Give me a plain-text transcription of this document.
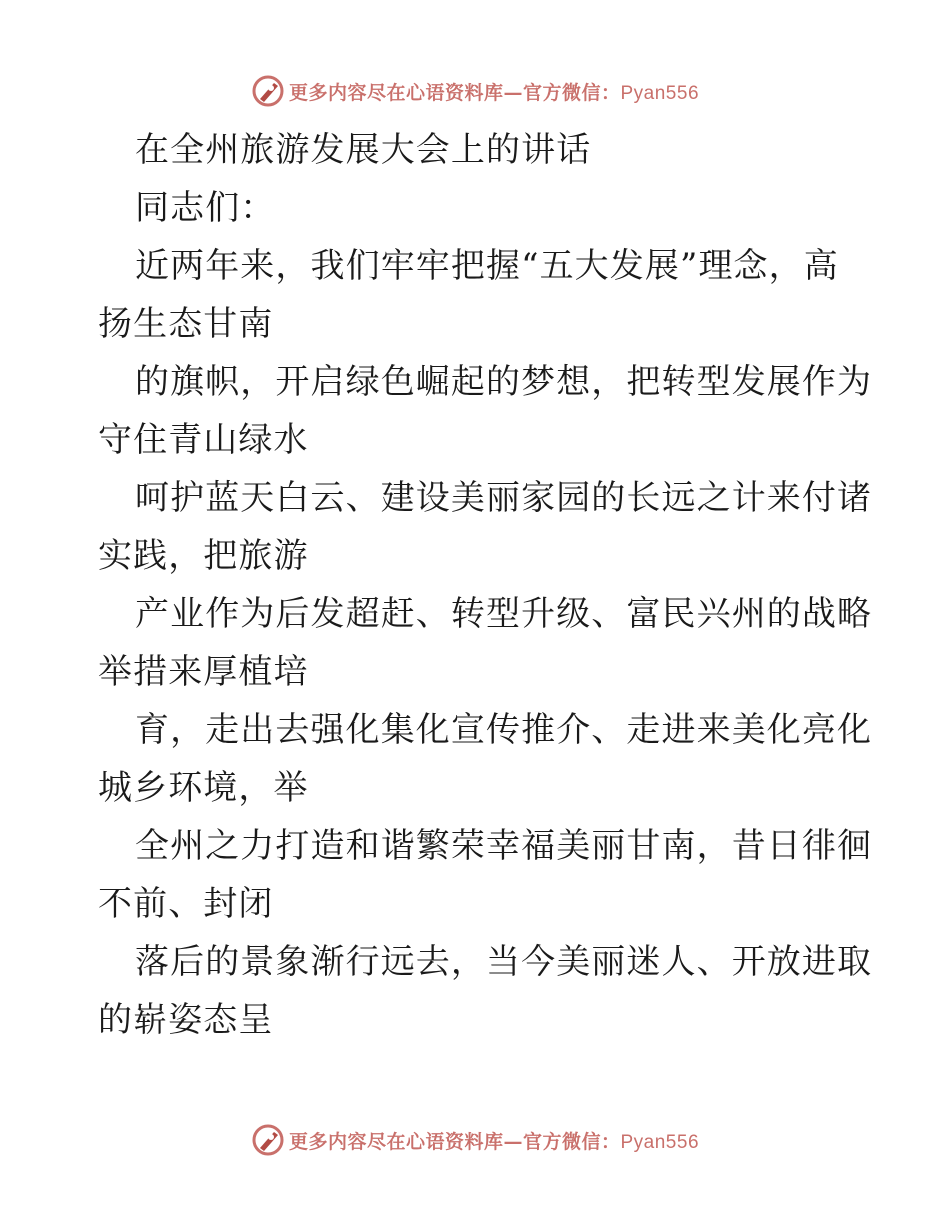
更多内容尽在心语资料库—官方微信：Pyan556
在全州旅游发展大会上的讲话
同志们：
近两年来，我们牢牢把握“五大发展”理念，高
扬生态甘南
的旗帜，开启绿色崛起的梦想，把转型发展作为
守住青山绿水
呵护蓝天白云、建设美丽家园的长远之计来付诸
实践，把旅游
产业作为后发超赶、转型升级、富民兴州的战略
举措来厚植培
育，走出去强化集化宣传推介、走进来美化亮化
城乡环境，举
全州之力打造和谐繁荣幸福美丽甘南，昔日徘徊
不前、封闭
落后的景象渐行远去，当今美丽迷人、开放进取
的崭姿态呈
更多内容尽在心语资料库—官方微信：Pyan556
